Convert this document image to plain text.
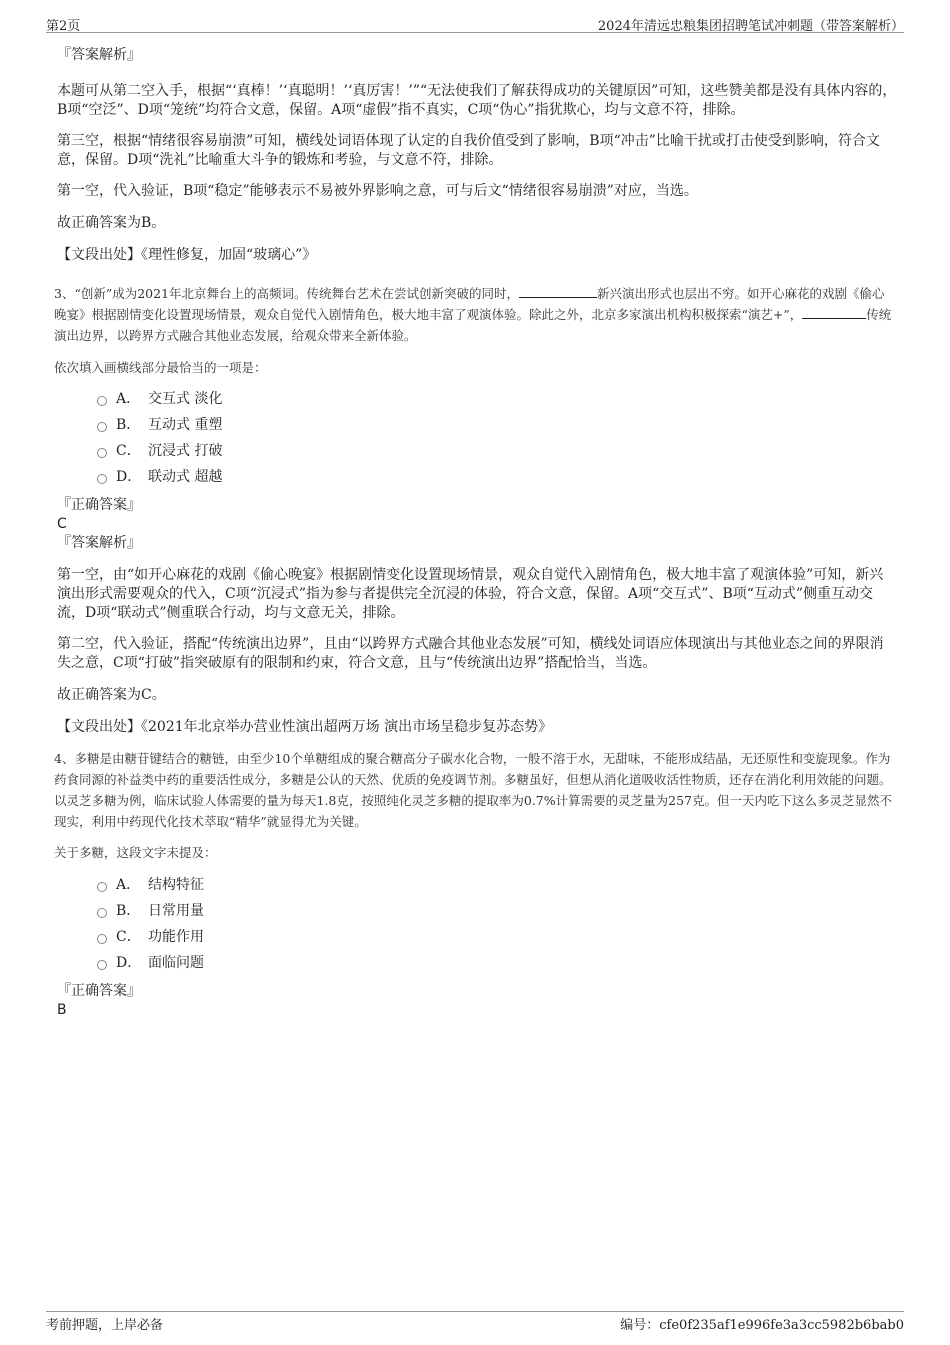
第2页	2024年清远忠粮集团招聘笔试冲刺题（带答案解析）

『答案解析』

本题可从第二空入手，根据“‘真棒！’‘真聪明！’‘真厉害！’”“无法使我们了解获得成功的关键原因”可知，这些赞美都是没有具体内容的，B项“空泛”、D项“笼统”均符合文意，保留。A项“虚假”指不真实，C项“伪心”指犹欺心，均与文意不符，排除。

第三空，根据“情绪很容易崩溃”可知，横线处词语体现了认定的自我价值受到了影响，B项“冲击”比喻干扰或打击使受到影响，符合文意，保留。D项“洗礼”比喻重大斗争的锻炼和考验，与文意不符，排除。

第一空，代入验证，B项“稳定”能够表示不易被外界影响之意，可与后文“情绪很容易崩溃”对应，当选。

故正确答案为B。

【文段出处】《理性修复，加固“玻璃心”》

3、“创新”成为2021年北京舞台上的高频词。传统舞台艺术在尝试创新突破的同时，	新兴演出形式也层出不穷。如开心麻花的戏剧《偷心晚宴》根据剧情变化设置现场情景，观众自觉代入剧情角色，极大地丰富了观演体验。除此之外，北京多家演出机构积极探索“演艺+”，	传统演出边界，以跨界方式融合其他业态发展，给观众带来全新体验。

依次填入画横线部分最恰当的一项是：

A． 交互式 淡化
B． 互动式 重塑
C． 沉浸式 打破
D． 联动式 超越

『正确答案』

C

『答案解析』

第一空，由“如开心麻花的戏剧《偷心晚宴》根据剧情变化设置现场情景，观众自觉代入剧情角色，极大地丰富了观演体验”可知，新兴演出形式需要观众的代入，C项“沉浸式”指为参与者提供完全沉浸的体验，符合文意，保留。A项“交互式”、B项“互动式”侧重互动交流，D项“联动式”侧重联合行动，均与文意无关，排除。

第二空，代入验证，搭配“传统演出边界”，且由“以跨界方式融合其他业态发展”可知，横线处词语应体现演出与其他业态之间的界限消失之意，C项“打破”指突破原有的限制和约束，符合文意，且与“传统演出边界”搭配恰当，当选。

故正确答案为C。

【文段出处】《2021年北京举办营业性演出超两万场 演出市场呈稳步复苏态势》

4、多糖是由糖苷键结合的糖链，由至少10个单糖组成的聚合糖高分子碳水化合物，一般不溶于水，无甜味，不能形成结晶，无还原性和变旋现象。作为药食同源的补益类中药的重要活性成分，多糖是公认的天然、优质的免疫调节剂。多糖虽好，但想从消化道吸收活性物质，还存在消化利用效能的问题。以灵芝多糖为例，临床试验人体需要的量为每天1.8克，按照纯化灵芝多糖的提取率为0.7%计算需要的灵芝量为257克。但一天内吃下这么多灵芝显然不现实，利用中药现代化技术萃取“精华”就显得尤为关键。

关于多糖，这段文字未提及：

A． 结构特征
B． 日常用量
C． 功能作用
D． 面临问题

『正确答案』

B

考前押题，上岸必备	编号：cfe0f235af1e996fe3a3cc5982b6bab0
